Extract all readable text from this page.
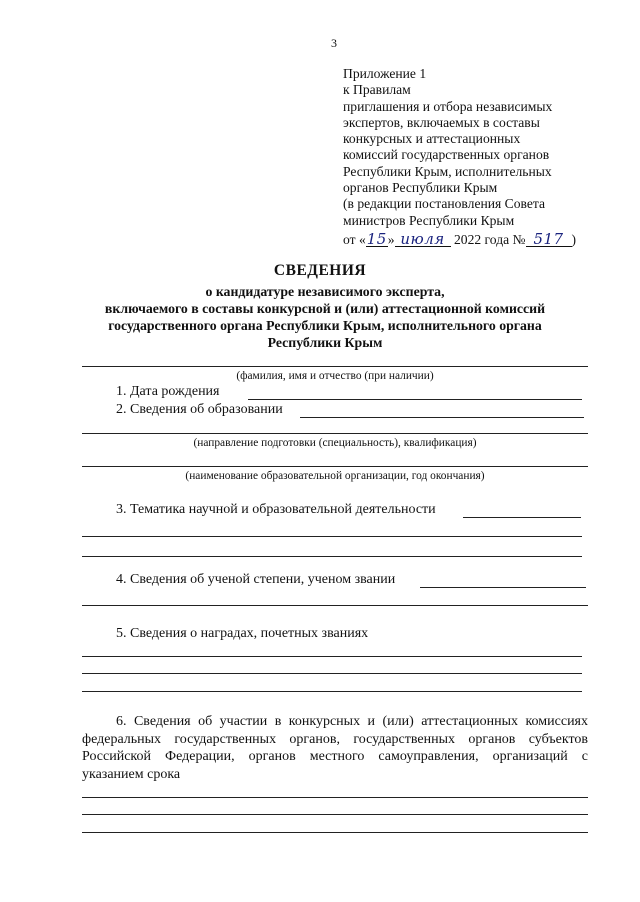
3
Приложение 1
к Правилам
приглашения и отбора независимых
экспертов, включаемых в составы
конкурсных и аттестационных
комиссий государственных органов
Республики Крым, исполнительных
органов Республики Крым
(в редакции постановления Совета
министров Республики Крым
от «15» июля 2022 года № 517 )
СВЕДЕНИЯ
о кандидатуре независимого эксперта,
включаемого в составы конкурсной и (или) аттестационной комиссий
государственного органа Республики Крым, исполнительного органа
Республики Крым
(фамилия, имя и отчество (при наличии)
1. Дата рождения
2. Сведения об образовании
(направление подготовки (специальность), квалификация)
(наименование образовательной организации, год окончания)
3. Тематика научной и образовательной деятельности
4. Сведения об ученой степени, ученом звании
5. Сведения о наградах, почетных званиях
6. Сведения об участии в конкурсных и (или) аттестационных комиссиях федеральных государственных органов, государственных органов субъектов Российской Федерации, органов местного самоуправления, организаций с указанием срока
